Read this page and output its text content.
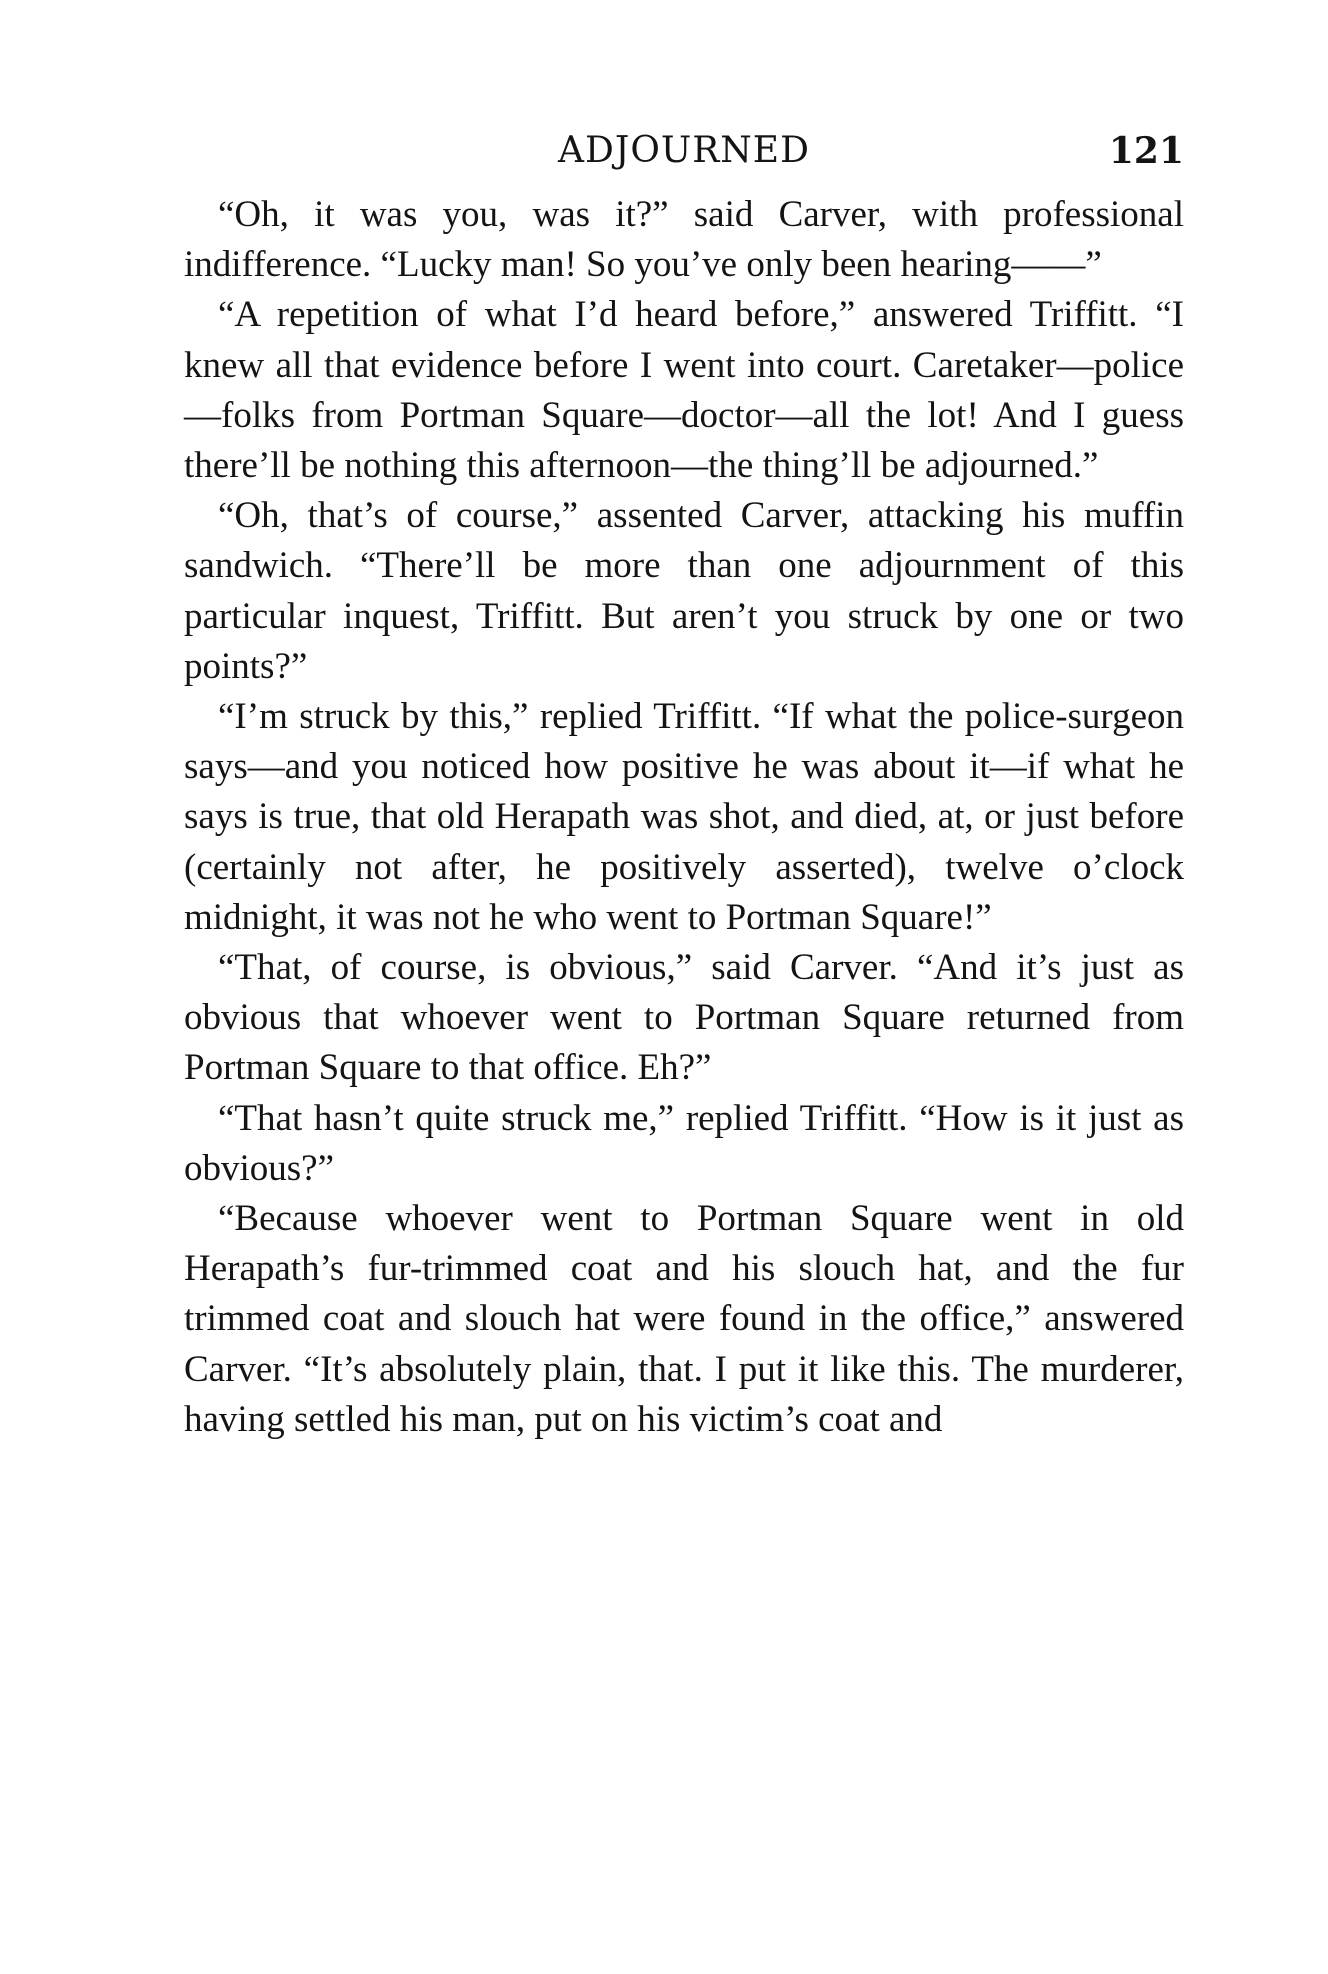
ADJOURNED	121

“Oh, it was you, was it?” said Carver, with professional indifference. “Lucky man! So you’ve only been hearing——”

“A repetition of what I’d heard before,” answered Triffitt. “I knew all that evidence before I went into court. Caretaker—police—folks from Portman Square—doctor—all the lot! And I guess there’ll be nothing this afternoon—the thing’ll be adjourned.”

“Oh, that’s of course,” assented Carver, attacking his muffin sandwich. “There’ll be more than one adjournment of this particular inquest, Triffitt. But aren’t you struck by one or two points?”

“I’m struck by this,” replied Triffitt. “If what the police-surgeon says—and you noticed how positive he was about it—if what he says is true, that old Herapath was shot, and died, at, or just before (certainly not after, he positively asserted), twelve o’clock midnight, it was not he who went to Portman Square!”

“That, of course, is obvious,” said Carver. “And it’s just as obvious that whoever went to Portman Square returned from Portman Square to that office. Eh?”

“That hasn’t quite struck me,” replied Triffitt. “How is it just as obvious?”

“Because whoever went to Portman Square went in old Herapath’s fur-trimmed coat and his slouch hat, and the fur trimmed coat and slouch hat were found in the office,” answered Carver. “It’s absolutely plain, that. I put it like this. The murderer, having settled his man, put on his victim’s coat and
